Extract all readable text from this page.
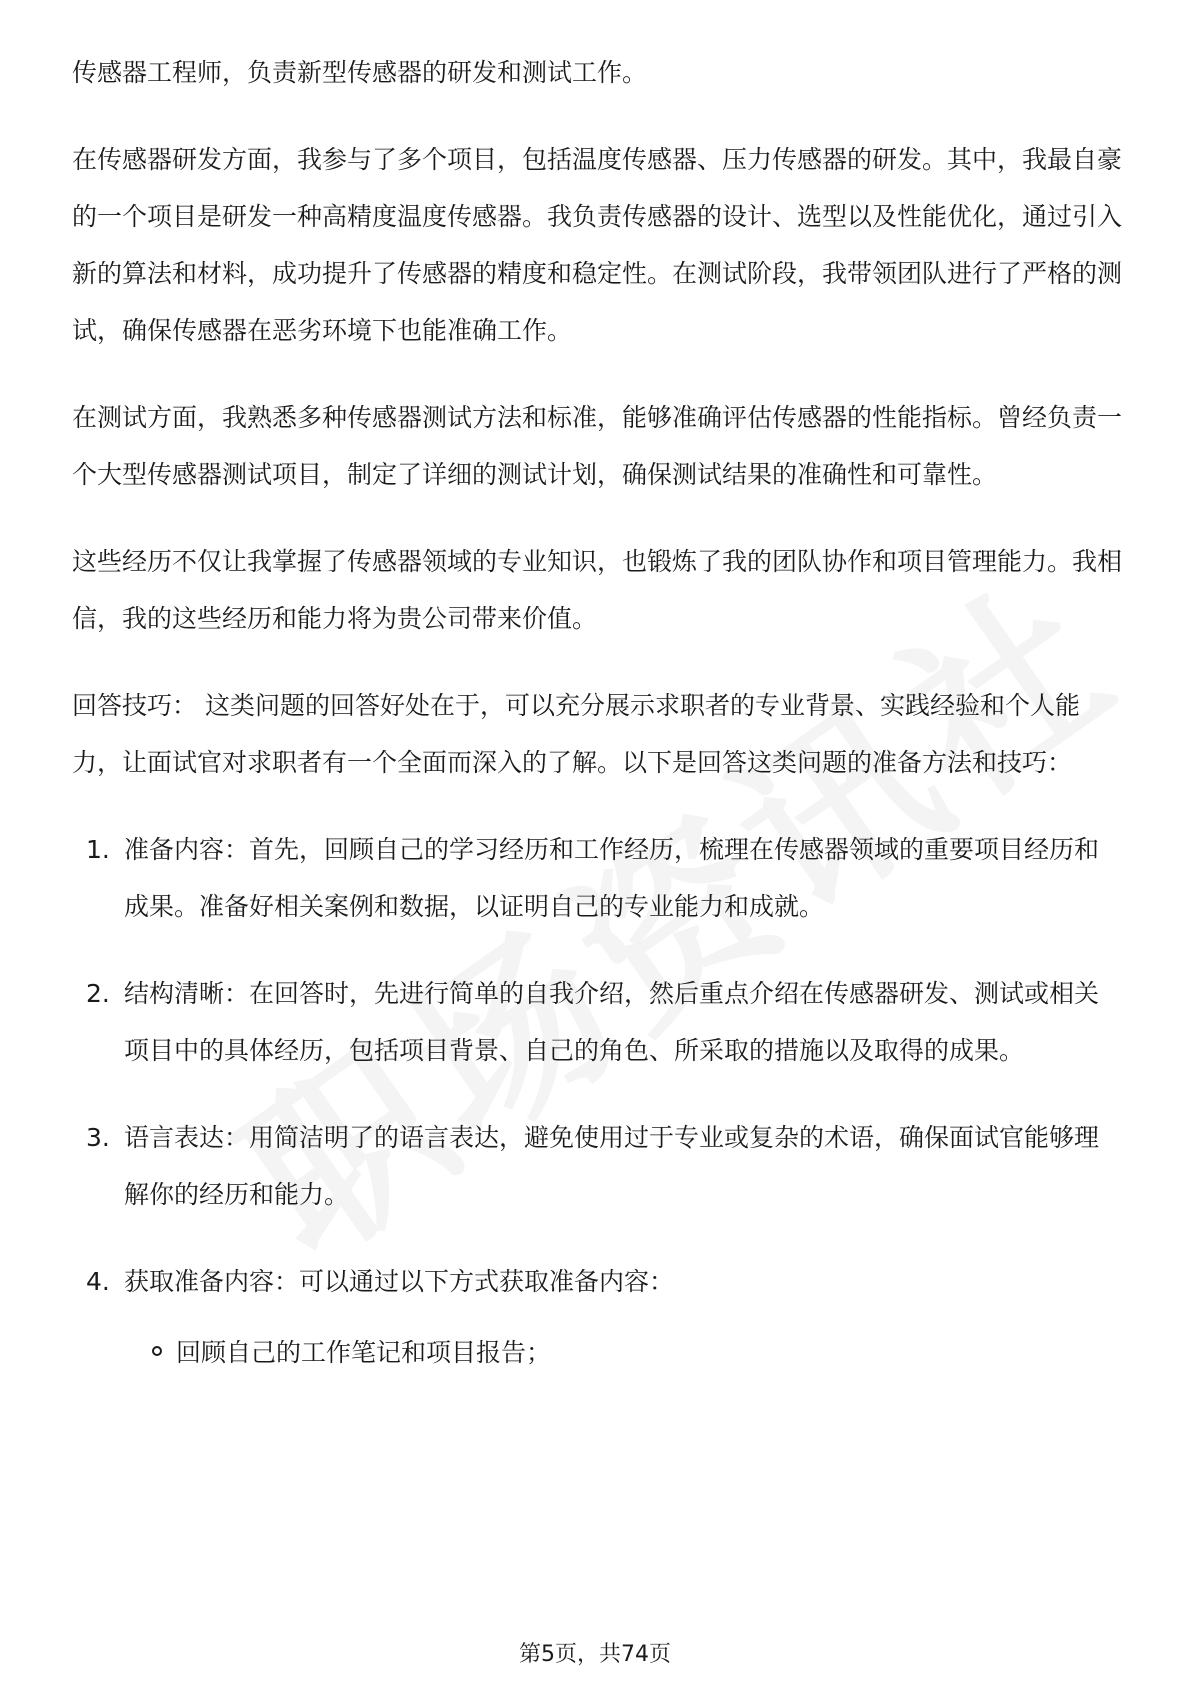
传感器工程师，负责新型传感器的研发和测试工作。

在传感器研发方面，我参与了多个项目，包括温度传感器、压力传感器的研发。其中，我最自豪的一个项目是研发一种高精度温度传感器。我负责传感器的设计、选型以及性能优化，通过引入新的算法和材料，成功提升了传感器的精度和稳定性。在测试阶段，我带领团队进行了严格的测试，确保传感器在恶劣环境下也能准确工作。

在测试方面，我熟悉多种传感器测试方法和标准，能够准确评估传感器的性能指标。曾经负责一个大型传感器测试项目，制定了详细的测试计划，确保测试结果的准确性和可靠性。

这些经历不仅让我掌握了传感器领域的专业知识，也锻炼了我的团队协作和项目管理能力。我相信，我的这些经历和能力将为贵公司带来价值。

回答技巧： 这类问题的回答好处在于，可以充分展示求职者的专业背景、实践经验和个人能力，让面试官对求职者有一个全面而深入的了解。以下是回答这类问题的准备方法和技巧：

1. 准备内容：首先，回顾自己的学习经历和工作经历，梳理在传感器领域的重要项目经历和成果。准备好相关案例和数据，以证明自己的专业能力和成就。
2. 结构清晰：在回答时，先进行简单的自我介绍，然后重点介绍在传感器研发、测试或相关项目中的具体经历，包括项目背景、自己的角色、所采取的措施以及取得的成果。
3. 语言表达：用简洁明了的语言表达，避免使用过于专业或复杂的术语，确保面试官能够理解你的经历和能力。
4. 获取准备内容：可以通过以下方式获取准备内容：
回顾自己的工作笔记和项目报告；
第5页，共74页
